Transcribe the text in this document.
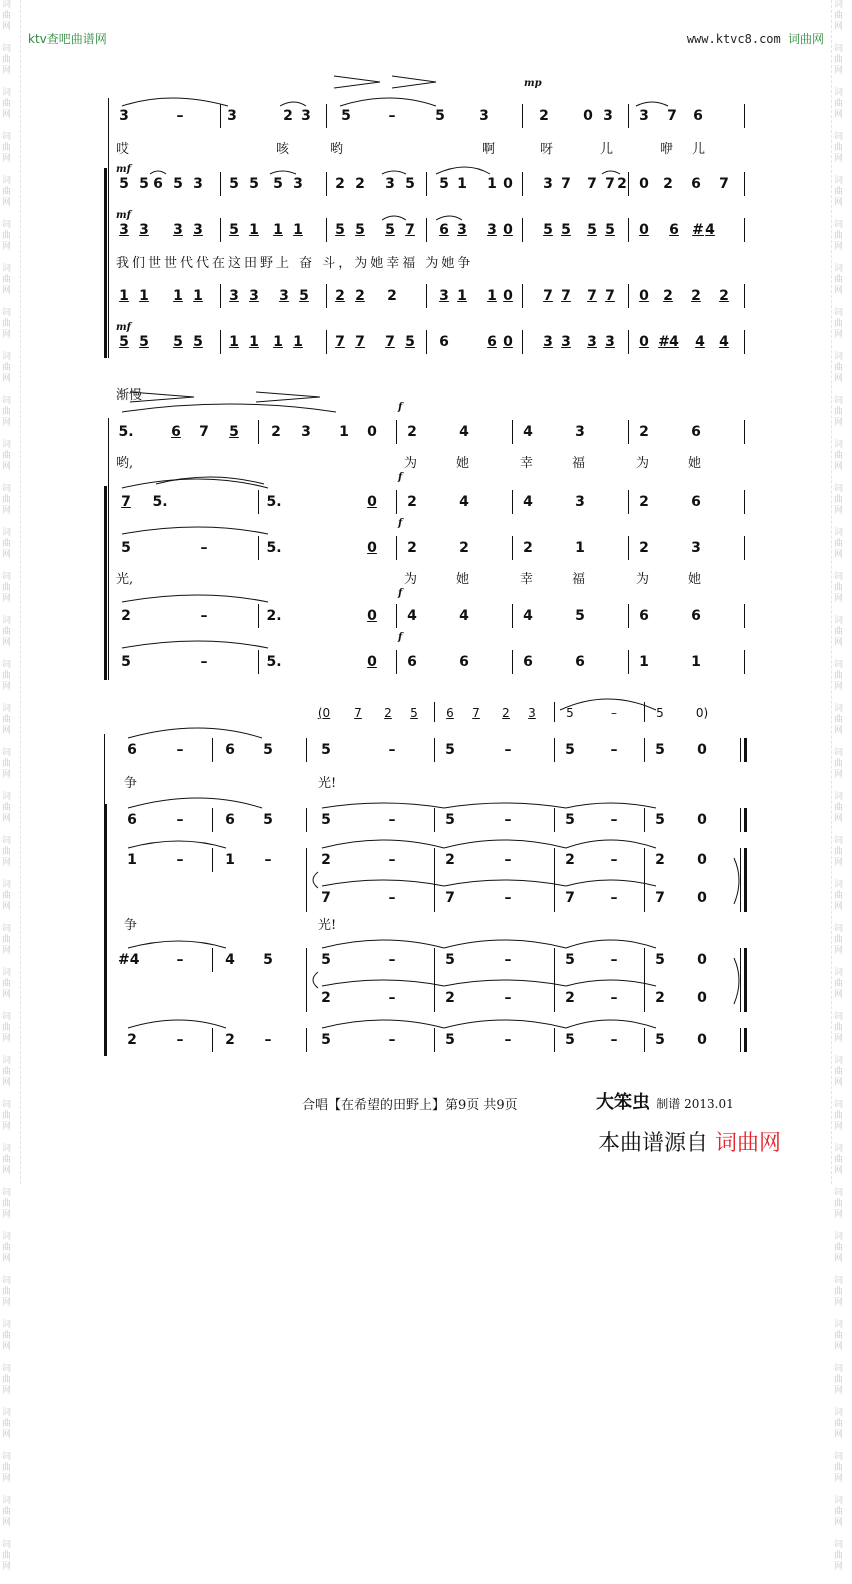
词
曲
网

词
曲
网

词
曲
网

词
曲
网

词
曲
网

词
曲
网

词
曲
网

词
曲
网

词
曲
网

词
曲
网

词
曲
网

词
曲
网

词
曲
网

词
曲
网

词
曲
网

词
曲
网

词
曲
网

词
曲
网

词
曲
网

词
曲
网

词
曲
网

词
曲
网

词
曲
网

词
曲
网

词
曲
网

词
曲
网

词
曲
网

词
曲
网

词
曲
网

词
曲
网

词
曲
网

词
曲
网

词
曲
网

词
曲
网

词
曲
网

词
曲
网

词
曲
网

词
曲
网

词
曲
网

词
曲
网

词
曲
网

词
曲
网

词
曲
网

词
曲
网

词
曲
网

词
曲
网

词
曲
网

词
曲
网

词
曲
网

词
曲
网

词
曲
网

词
曲
网

词
曲
网

词
曲
网

词
曲
网

词
曲
网

词
曲
网

词
曲
网

词
曲
网

词
曲
网

词
曲
网

词
曲
网

词
曲
网

词
曲
网

词
曲
网

词
曲
网

词
曲
网

词
曲
网

词
曲
网

词
曲
网

词
曲
网

词
曲
网

ktv查吧曲谱网	www.ktvc8.com 词曲网
mp
3	–	3	2 3 5	–	5 3	2 0 3 3 7 6
哎	咳	哟	啊	呀	儿	咿 儿
mf
5 5 6 5 3 5 5 5 3 2 2 3 5 5 1 1 0 3 7 7 7 2 0 2 6 7
mf
3 3 3 3 5 1 1 1 5 5 5 7 6 3 3 0 5 5 5 5 0 6 # 4
我们世世代代在这田野上 奋 斗，为她幸福 为她争
1 1 1 1 3 3 3 5 2 2 2	3 1 1 0 7 7 7 7 0 2 2 2
mf
5 5 5 5 1 1 1 1 7 7 7 5 6	6 0 3 3 3 3 0 # 4 4 4
渐慢
f
5.	6 7 5 2 3 1 0 2	4	4	3	2	6
哟,	为	她	幸	福	为	她
f
7 5.	5.	0 2	4	4	3	2	6
f
5	–	5.	0 2	2	2	1	2	3
光,	为	她	幸	福	为	她
f
2	–	2.	0 4	4	4	5	6	6
f
5	–	5.	0 6	6	6	6	1	1
(0	7	2	5	6	7	2	3	5	–	5	0)
6	–	6 5	5	–	5	–	5	–	5 0
争	光!
6	–	6 5	5	–	5	–	5	–	5 0
1	–	1	–	2	–	2	–	2	–	2 0
7	–	7	–	7	–	7 0
争	光!
#4	–	4 5	5	–	5	–	5	–	5 0
2	–	2	–	2	–	2 0
2	–	2	–	5	–	5	–	5	–	5 0
合唱【在希望的田野上】第9页 共9页	大笨虫 制谱 2013.01
本曲谱源自 词曲网
